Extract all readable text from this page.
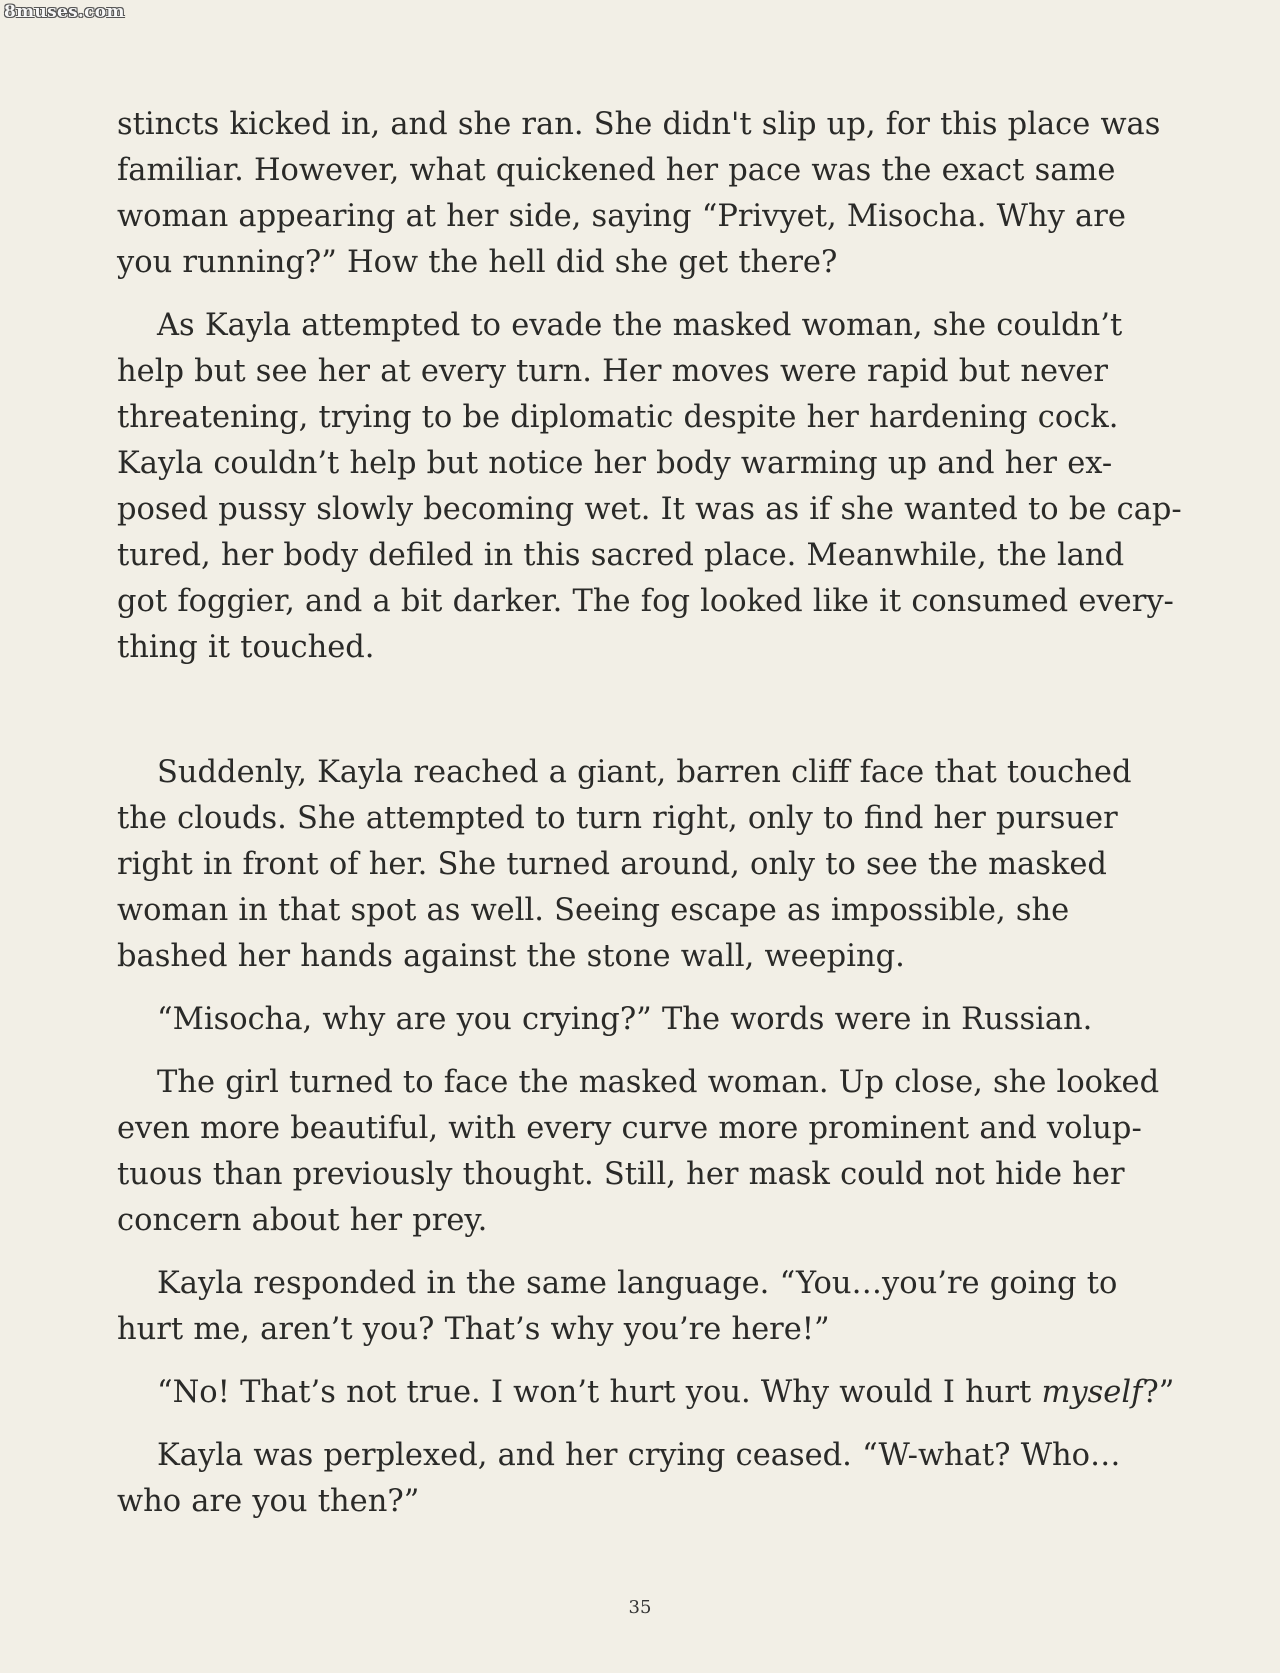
8muses.com

stincts kicked in, and she ran. She didn't slip up, for this place was
familiar. However, what quickened her pace was the exact same
woman appearing at her side, saying “Privyet, Misocha. Why are
you running?” How the hell did she get there?

As Kayla attempted to evade the masked woman, she couldn’t
help but see her at every turn. Her moves were rapid but never
threatening, trying to be diplomatic despite her hardening cock.
Kayla couldn’t help but notice her body warming up and her ex-
posed pussy slowly becoming wet. It was as if she wanted to be cap-
tured, her body defiled in this sacred place. Meanwhile, the land
got foggier, and a bit darker. The fog looked like it consumed every-
thing it touched.

Suddenly, Kayla reached a giant, barren cliff face that touched
the clouds. She attempted to turn right, only to find her pursuer
right in front of her. She turned around, only to see the masked
woman in that spot as well. Seeing escape as impossible, she
bashed her hands against the stone wall, weeping.

“Misocha, why are you crying?” The words were in Russian.

The girl turned to face the masked woman. Up close, she looked
even more beautiful, with every curve more prominent and volup-
tuous than previously thought. Still, her mask could not hide her
concern about her prey.

Kayla responded in the same language. “You…you’re going to
hurt me, aren’t you? That’s why you’re here!”

“No! That’s not true. I won’t hurt you. Why would I hurt myself?”

Kayla was perplexed, and her crying ceased. “W-what? Who…
who are you then?”

35
